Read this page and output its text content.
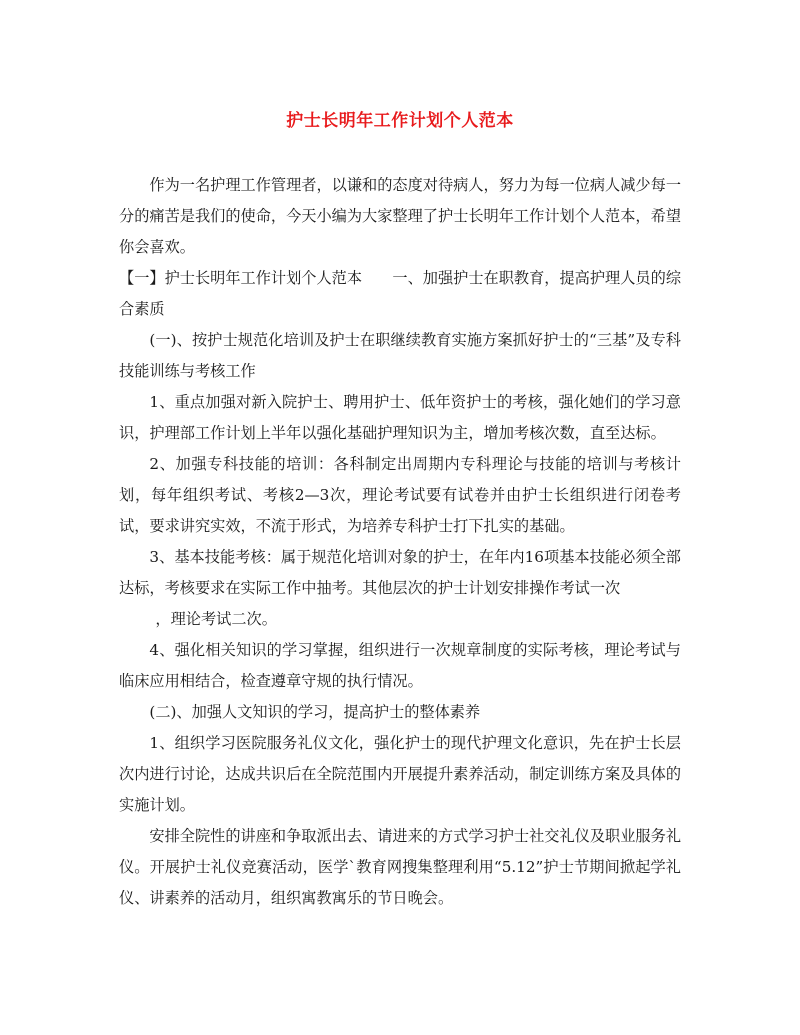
护士长明年工作计划个人范本

作为一名护理工作管理者，以谦和的态度对待病人，努力为每一位病人减少每一分的痛苦是我们的使命，今天小编为大家整理了护士长明年工作计划个人范本，希望你会喜欢。

【一】护士长明年工作计划个人范本　　一、加强护士在职教育，提高护理人员的综合素质

(一)、按护士规范化培训及护士在职继续教育实施方案抓好护士的“三基”及专科技能训练与考核工作

1、重点加强对新入院护士、聘用护士、低年资护士的考核，强化她们的学习意识，护理部工作计划上半年以强化基础护理知识为主，增加考核次数，直至达标。

2、加强专科技能的培训：各科制定出周期内专科理论与技能的培训与考核计划，每年组织考试、考核2—3次，理论考试要有试卷并由护士长组织进行闭卷考试，要求讲究实效，不流于形式，为培养专科护士打下扎实的基础。

3、基本技能考核：属于规范化培训对象的护士，在年内16项基本技能必须全部达标，考核要求在实际工作中抽考。其他层次的护士计划安排操作考试一次
，理论考试二次。

4、强化相关知识的学习掌握，组织进行一次规章制度的实际考核，理论考试与临床应用相结合，检查遵章守规的执行情况。

(二)、加强人文知识的学习，提高护士的整体素养

1、组织学习医院服务礼仪文化，强化护士的现代护理文化意识，先在护士长层次内进行讨论，达成共识后在全院范围内开展提升素养活动，制定训练方案及具体的实施计划。

安排全院性的讲座和争取派出去、请进来的方式学习护士社交礼仪及职业服务礼仪。开展护士礼仪竞赛活动，医学`教育网搜集整理利用“5.12”护士节期间掀起学礼仪、讲素养的活动月，组织寓教寓乐的节日晚会。
